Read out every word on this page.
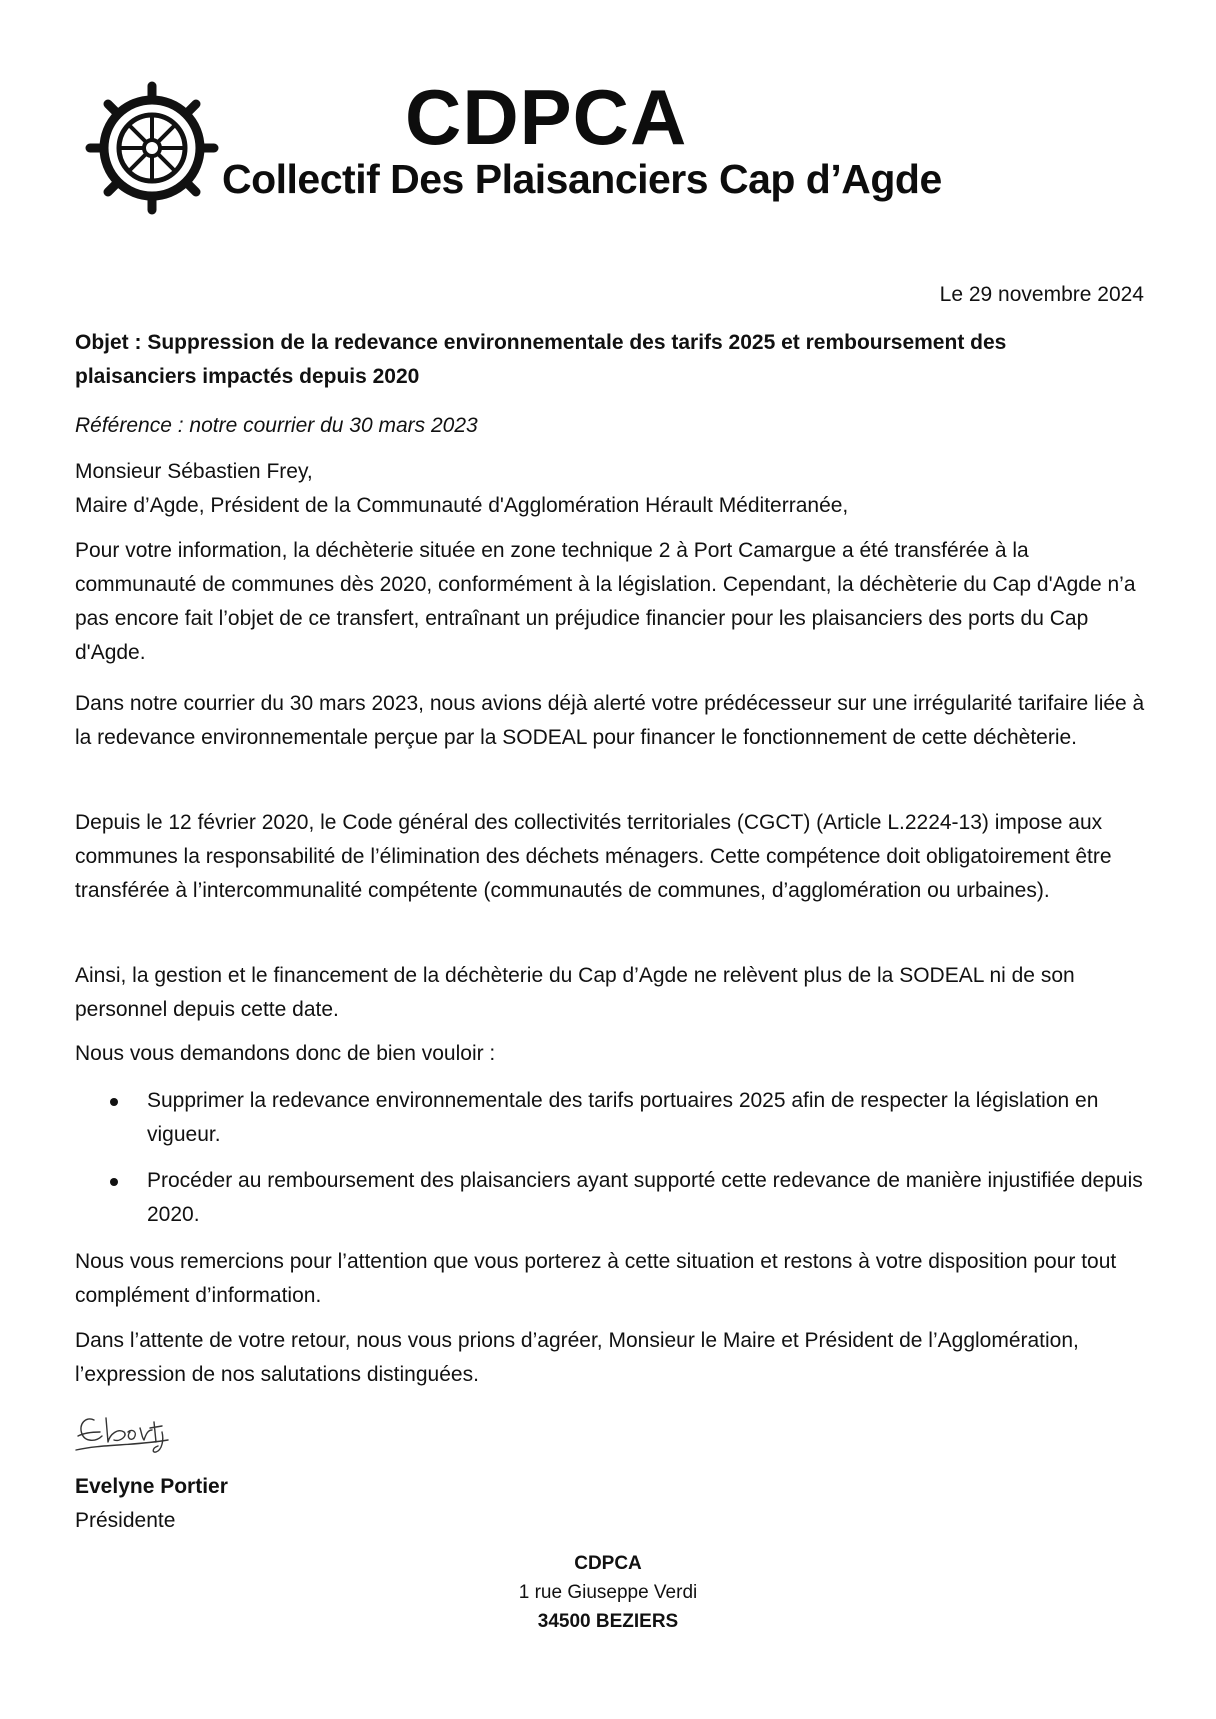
CDPCA
Collectif Des Plaisanciers Cap d’Agde
Le 29 novembre 2024
Objet : Suppression de la redevance environnementale des tarifs 2025 et remboursement des plaisanciers impactés depuis 2020
Référence : notre courrier du 30 mars 2023
Monsieur Sébastien Frey,
Maire d’Agde, Président de la Communauté d'Agglomération Hérault Méditerranée,
Pour votre information, la déchèterie située en zone technique 2 à Port Camargue a été transférée à la communauté de communes dès 2020, conformément à la législation. Cependant, la déchèterie du Cap d'Agde n’a pas encore fait l’objet de ce transfert, entraînant un préjudice financier pour les plaisanciers des ports du Cap d'Agde.
Dans notre courrier du 30 mars 2023, nous avions déjà alerté votre prédécesseur sur une irrégularité tarifaire liée à la redevance environnementale perçue par la SODEAL pour financer le fonctionnement de cette déchèterie.
Depuis le 12 février 2020, le Code général des collectivités territoriales (CGCT) (Article L.2224-13) impose aux communes la responsabilité de l’élimination des déchets ménagers. Cette compétence doit obligatoirement être transférée à l’intercommunalité compétente (communautés de communes, d’agglomération ou urbaines).
Ainsi, la gestion et le financement de la déchèterie du Cap d’Agde ne relèvent plus de la SODEAL ni de son personnel depuis cette date.
Nous vous demandons donc de bien vouloir :
Supprimer la redevance environnementale des tarifs portuaires 2025 afin de respecter la législation en vigueur.
Procéder au remboursement des plaisanciers ayant supporté cette redevance de manière injustifiée depuis 2020.
Nous vous remercions pour l’attention que vous porterez à cette situation et restons à votre disposition pour tout complément d’information.
Dans l’attente de votre retour, nous vous prions d’agréer, Monsieur le Maire et Président de l’Agglomération, l’expression de nos salutations distinguées.
Evelyne Portier
Présidente
CDPCA
1 rue Giuseppe Verdi
34500 BEZIERS
